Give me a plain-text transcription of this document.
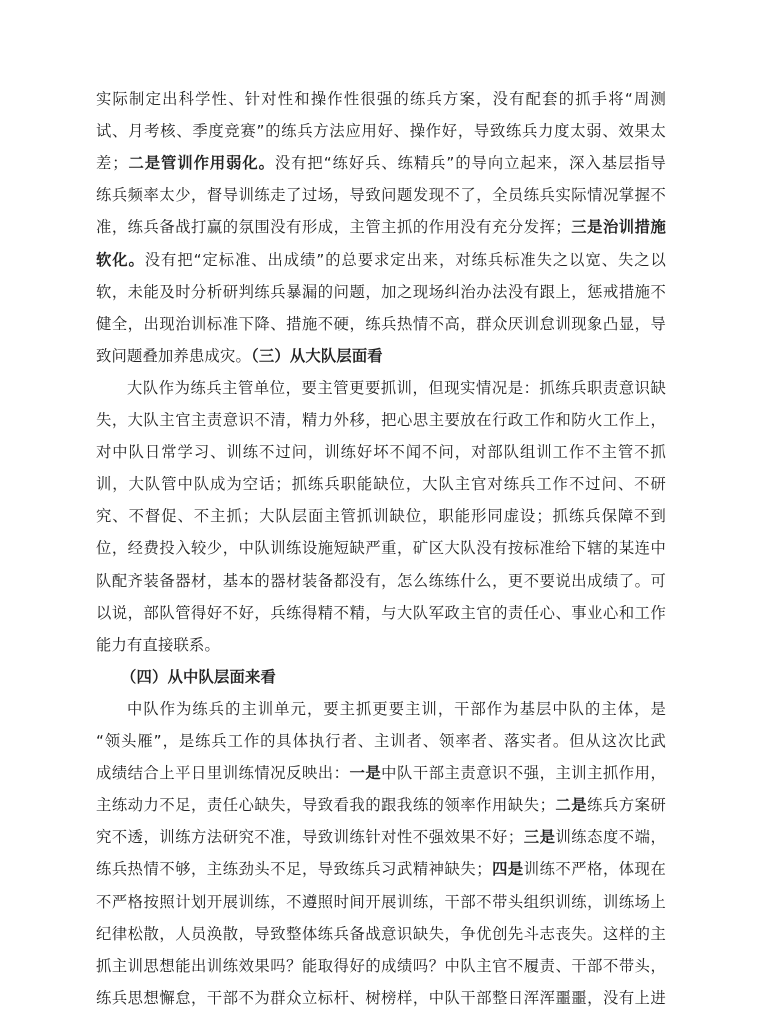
实际制定出科学性、针对性和操作性很强的练兵方案，没有配套的抓手将“周测
试、月考核、季度竞赛”的练兵方法应用好、操作好，导致练兵力度太弱、效果太
差；二是管训作用弱化。没有把“练好兵、练精兵”的导向立起来，深入基层指导
练兵频率太少，督导训练走了过场，导致问题发现不了，全员练兵实际情况掌握不
准，练兵备战打赢的氛围没有形成，主管主抓的作用没有充分发挥；三是治训措施
软化。没有把“定标准、出成绩”的总要求定出来，对练兵标准失之以宽、失之以
软，未能及时分析研判练兵暴漏的问题，加之现场纠治办法没有跟上，惩戒措施不
健全，出现治训标准下降、措施不硬，练兵热情不高，群众厌训怠训现象凸显，导
致问题叠加养患成灾。（三）从大队层面看
大队作为练兵主管单位，要主管更要抓训，但现实情况是：抓练兵职责意识缺
失，大队主官主责意识不清，精力外移，把心思主要放在行政工作和防火工作上，
对中队日常学习、训练不过问，训练好坏不闻不问，对部队组训工作不主管不抓
训，大队管中队成为空话；抓练兵职能缺位，大队主官对练兵工作不过问、不研
究、不督促、不主抓；大队层面主管抓训缺位，职能形同虚设；抓练兵保障不到
位，经费投入较少，中队训练设施短缺严重，矿区大队没有按标准给下辖的某连中
队配齐装备器材，基本的器材装备都没有，怎么练练什么，更不要说出成绩了。可
以说，部队管得好不好，兵练得精不精，与大队军政主官的责任心、事业心和工作
能力有直接联系。
（四）从中队层面来看
中队作为练兵的主训单元，要主抓更要主训，干部作为基层中队的主体，是
“领头雁”，是练兵工作的具体执行者、主训者、领率者、落实者。但从这次比武
成绩结合上平日里训练情况反映出：一是中队干部主责意识不强，主训主抓作用，
主练动力不足，责任心缺失，导致看我的跟我练的领率作用缺失；二是练兵方案研
究不透，训练方法研究不准，导致训练针对性不强效果不好；三是训练态度不端，
练兵热情不够，主练劲头不足，导致练兵习武精神缺失；四是训练不严格，体现在
不严格按照计划开展训练，不遵照时间开展训练，干部不带头组织训练，训练场上
纪律松散，人员涣散，导致整体练兵备战意识缺失，争优创先斗志丧失。这样的主
抓主训思想能出训练效果吗？能取得好的成绩吗？中队主官不履责、干部不带头，
练兵思想懈怠，干部不为群众立标杆、树榜样，中队干部整日浑浑噩噩，没有上进
